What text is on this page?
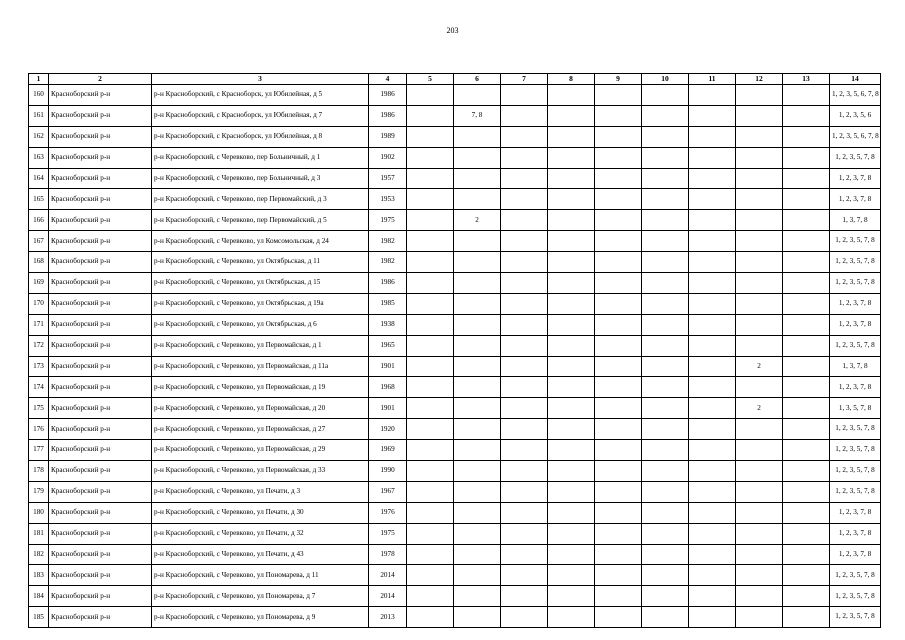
203
1	2	3	4	5	6	7	8	9	10	11	12	13	14
160	Красноборский р-н	р-н Красноборский, с Красноборск, ул Юбилейная, д 5	1986										1, 2, 3, 5, 6, 7, 8
161	Красноборский р-н	р-н Красноборский, с Красноборск, ул Юбилейная, д 7	1986		7, 8								1, 2, 3, 5, 6
162	Красноборский р-н	р-н Красноборский, с Красноборск, ул Юбилейная, д 8	1989										1, 2, 3, 5, 6, 7, 8
163	Красноборский р-н	р-н Красноборский, с Черевково, пер Больничный, д 1	1902										1, 2, 3, 5, 7, 8
164	Красноборский р-н	р-н Красноборский, с Черевково, пер Больничный, д 3	1957										1, 2, 3, 7, 8
165	Красноборский р-н	р-н Красноборский, с Черевково, пер Первомайский, д 3	1953										1, 2, 3, 7, 8
166	Красноборский р-н	р-н Красноборский, с Черевково, пер Первомайский, д 5	1975		2								1, 3, 7, 8
167	Красноборский р-н	р-н Красноборский, с Черевково, ул Комсомольская, д 24	1982										1, 2, 3, 5, 7, 8
168	Красноборский р-н	р-н Красноборский, с Черевково, ул Октябрьская, д 11	1982										1, 2, 3, 5, 7, 8
169	Красноборский р-н	р-н Красноборский, с Черевково, ул Октябрьская, д 15	1986										1, 2, 3, 5, 7, 8
170	Красноборский р-н	р-н Красноборский, с Черевково, ул Октябрьская, д 19а	1985										1, 2, 3, 7, 8
171	Красноборский р-н	р-н Красноборский, с Черевково, ул Октябрьская, д 6	1938										1, 2, 3, 7, 8
172	Красноборский р-н	р-н Красноборский, с Черевково, ул Первомайская, д 1	1965										1, 2, 3, 5, 7, 8
173	Красноборский р-н	р-н Красноборский, с Черевково, ул Первомайская, д 11а	1901								2		1, 3, 7, 8
174	Красноборский р-н	р-н Красноборский, с Черевково, ул Первомайская, д 19	1968										1, 2, 3, 7, 8
175	Красноборский р-н	р-н Красноборский, с Черевково, ул Первомайская, д 20	1901								2		1, 3, 5, 7, 8
176	Красноборский р-н	р-н Красноборский, с Черевково, ул Первомайская, д 27	1920										1, 2, 3, 5, 7, 8
177	Красноборский р-н	р-н Красноборский, с Черевково, ул Первомайская, д 29	1969										1, 2, 3, 5, 7, 8
178	Красноборский р-н	р-н Красноборский, с Черевково, ул Первомайская, д 33	1990										1, 2, 3, 5, 7, 8
179	Красноборский р-н	р-н Красноборский, с Черевково, ул Печати, д 3	1967										1, 2, 3, 5, 7, 8
180	Красноборский р-н	р-н Красноборский, с Черевково, ул Печати, д 30	1976										1, 2, 3, 7, 8
181	Красноборский р-н	р-н Красноборский, с Черевково, ул Печати, д 32	1975										1, 2, 3, 7, 8
182	Красноборский р-н	р-н Красноборский, с Черевково, ул Печати, д 43	1978										1, 2, 3, 7, 8
183	Красноборский р-н	р-н Красноборский, с Черевково, ул Пономарева, д 11	2014										1, 2, 3, 5, 7, 8
184	Красноборский р-н	р-н Красноборский, с Черевково, ул Пономарева, д 7	2014										1, 2, 3, 5, 7, 8
185	Красноборский р-н	р-н Красноборский, с Черевково, ул Пономарева, д 9	2013										1, 2, 3, 5, 7, 8
